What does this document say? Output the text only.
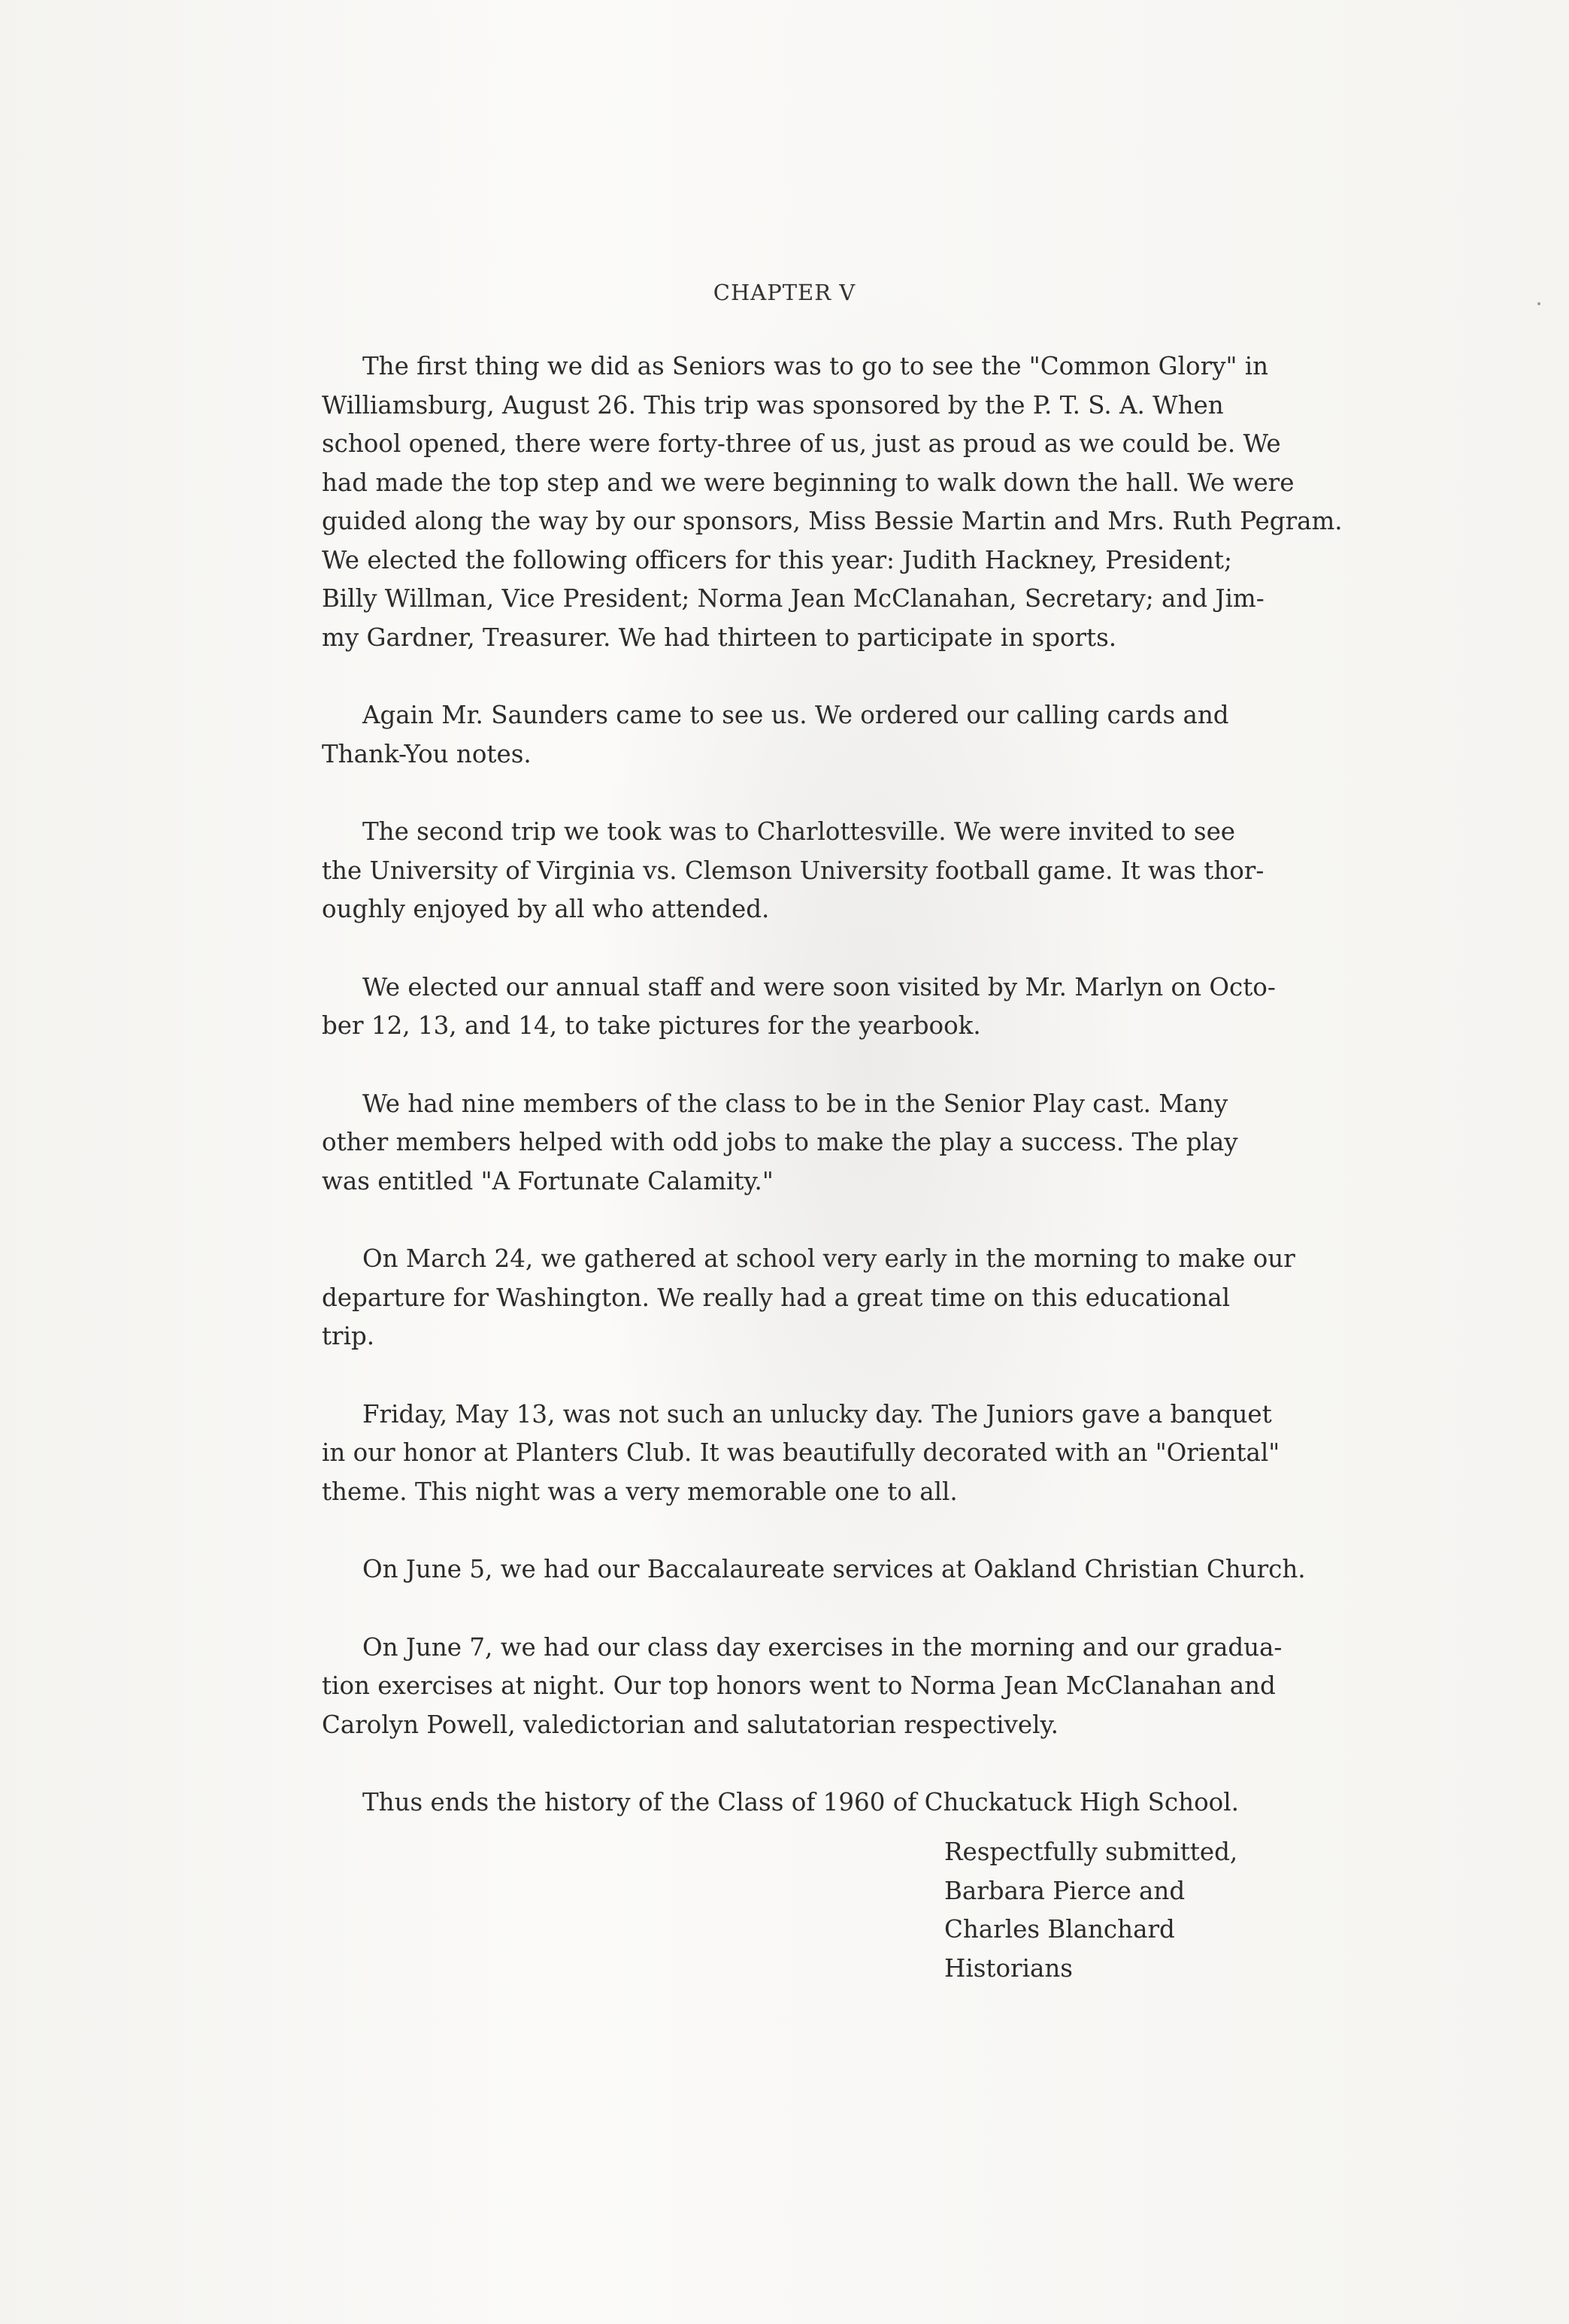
CHAPTER V
The first thing we did as Seniors was to go to see the "Common Glory" in
Williamsburg, August 26. This trip was sponsored by the P. T. S. A. When
school opened, there were forty-three of us, just as proud as we could be. We
had made the top step and we were beginning to walk down the hall. We were
guided along the way by our sponsors, Miss Bessie Martin and Mrs. Ruth Pegram.
We elected the following officers for this year: Judith Hackney, President;
Billy Willman, Vice President; Norma Jean McClanahan, Secretary; and Jim-
my Gardner, Treasurer. We had thirteen to participate in sports.
Again Mr. Saunders came to see us. We ordered our calling cards and
Thank-You notes.
The second trip we took was to Charlottesville. We were invited to see
the University of Virginia vs. Clemson University football game. It was thor-
oughly enjoyed by all who attended.
We elected our annual staff and were soon visited by Mr. Marlyn on Octo-
ber 12, 13, and 14, to take pictures for the yearbook.
We had nine members of the class to be in the Senior Play cast. Many
other members helped with odd jobs to make the play a success. The play
was entitled "A Fortunate Calamity."
On March 24, we gathered at school very early in the morning to make our
departure for Washington. We really had a great time on this educational
trip.
Friday, May 13, was not such an unlucky day. The Juniors gave a banquet
in our honor at Planters Club. It was beautifully decorated with an "Oriental"
theme. This night was a very memorable one to all.
On June 5, we had our Baccalaureate services at Oakland Christian Church.
On June 7, we had our class day exercises in the morning and our gradua-
tion exercises at night. Our top honors went to Norma Jean McClanahan and
Carolyn Powell, valedictorian and salutatorian respectively.
Thus ends the history of the Class of 1960 of Chuckatuck High School.
Respectfully submitted,
Barbara Pierce and
Charles Blanchard
Historians
